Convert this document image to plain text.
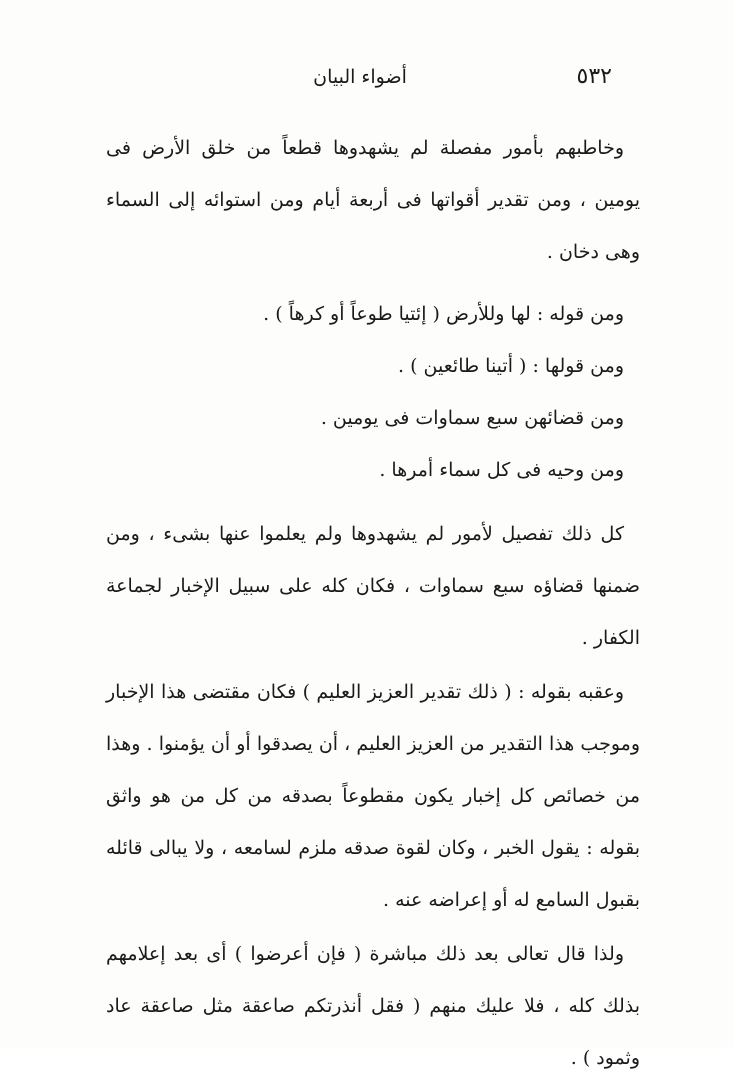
٥٣٢
أضواء البيان

وخاطبهم بأمور مفصلة لم يشهدوها قطعاً من خلق الأرض فى يومين ، ومن تقدير أقواتها فى أربعة أيام ومن استوائه إلى السماء وهى دخان .

ومن قوله : لها وللأرض ( إئتيا طوعاً أو كرهاً ) .

ومن قولها : ( أتينا طائعين ) .

ومن قضائهن سبع سماوات فى يومين .

ومن وحيه فى كل سماء أمرها .

كل ذلك تفصيل لأمور لم يشهدوها ولم يعلموا عنها بشىء ، ومن ضمنها قضاؤه سبع سماوات ، فكان كله على سبيل الإخبار لجماعة الكفار .

وعقبه بقوله : ( ذلك تقدير العزيز العليم ) فكان مقتضى هذا الإخبار وموجب هذا التقدير من العزيز العليم ، أن يصدقوا أو أن يؤمنوا . وهذا من خصائص كل إخبار يكون مقطوعاً بصدقه من كل من هو واثق بقوله : يقول الخبر ، وكان لقوة صدقه ملزم لسامعه ، ولا يبالى قائله بقبول السامع له أو إعراضه عنه .

ولذا قال تعالى بعد ذلك مباشرة ( فإن أعرضوا ) أى بعد إعلامهم بذلك كله ، فلا عليك منهم ( فقل أنذرتكم صاعقة مثل صاعقة عاد وثمود ) .
